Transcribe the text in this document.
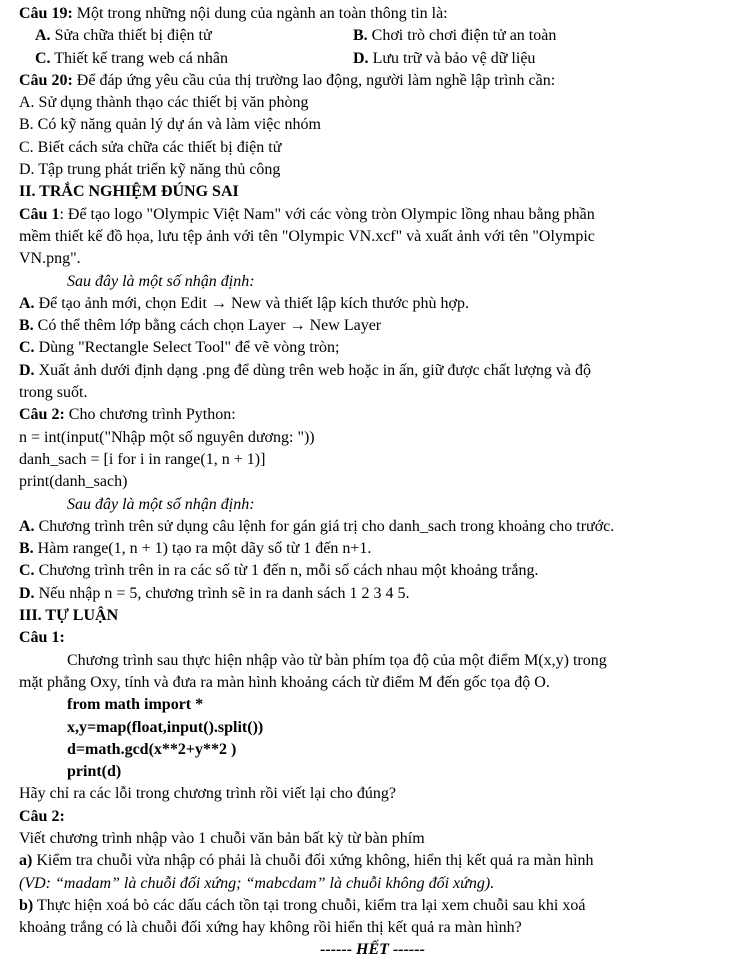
Câu 19: Một trong những nội dung của ngành an toàn thông tin là:
A. Sửa chữa thiết bị điện tử	B. Chơi trò chơi điện tử an toàn
C. Thiết kế trang web cá nhân	D. Lưu trữ và bảo vệ dữ liệu
Câu 20: Để đáp ứng yêu cầu của thị trường lao động, người làm nghề lập trình cần:
A. Sử dụng thành thạo các thiết bị văn phòng
B. Có kỹ năng quản lý dự án và làm việc nhóm
C. Biết cách sửa chữa các thiết bị điện tử
D. Tập trung phát triển kỹ năng thủ công
II. TRẮC NGHIỆM ĐÚNG SAI
Câu 1: Để tạo logo "Olympic Việt Nam" với các vòng tròn Olympic lồng nhau bằng phần
mềm thiết kế đồ họa, lưu tệp ảnh với tên "Olympic VN.xcf" và xuất ảnh với tên "Olympic
VN.png".
Sau đây là một số nhận định:
A. Để tạo ảnh mới, chọn Edit → New và thiết lập kích thước phù hợp.
B. Có thể thêm lớp bằng cách chọn Layer → New Layer
C. Dùng "Rectangle Select Tool" để vẽ vòng tròn;
D. Xuất ảnh dưới định dạng .png để dùng trên web hoặc in ấn, giữ được chất lượng và độ
trong suốt.
Câu 2: Cho chương trình Python:
n = int(input("Nhập một số nguyên dương: "))
danh_sach = [i for i in range(1, n + 1)]
print(danh_sach)
Sau đây là một số nhận định:
A. Chương trình trên sử dụng câu lệnh for gán giá trị cho danh_sach trong khoảng cho trước.
B. Hàm range(1, n + 1) tạo ra một dãy số từ 1 đến n+1.
C. Chương trình trên in ra các số từ 1 đến n, mỗi số cách nhau một khoảng trắng.
D. Nếu nhập n = 5, chương trình sẽ in ra danh sách 1 2 3 4 5.
III. TỰ LUẬN
Câu 1:
Chương trình sau thực hiện nhập vào từ bàn phím tọa độ của một điểm M(x,y) trong
mặt phẳng Oxy, tính và đưa ra màn hình khoảng cách từ điểm M đến gốc tọa độ O.
from math import *
x,y=map(float,input().split())
d=math.gcd(x**2+y**2 )
print(d)
Hãy chỉ ra các lỗi trong chương trình rồi viết lại cho đúng?
Câu 2:
Viết chương trình nhập vào 1 chuỗi văn bản bất kỳ từ bàn phím
a) Kiểm tra chuỗi vừa nhập có phải là chuỗi đối xứng không, hiển thị kết quả ra màn hình
(VD: “madam” là chuỗi đối xứng; “mabcdam” là chuỗi không đối xứng).
b) Thực hiện xoá bỏ các dấu cách tồn tại trong chuỗi, kiểm tra lại xem chuỗi sau khi xoá
khoảng trắng có là chuỗi đối xứng hay không rồi hiển thị kết quả ra màn hình?
------ HẾT ------
